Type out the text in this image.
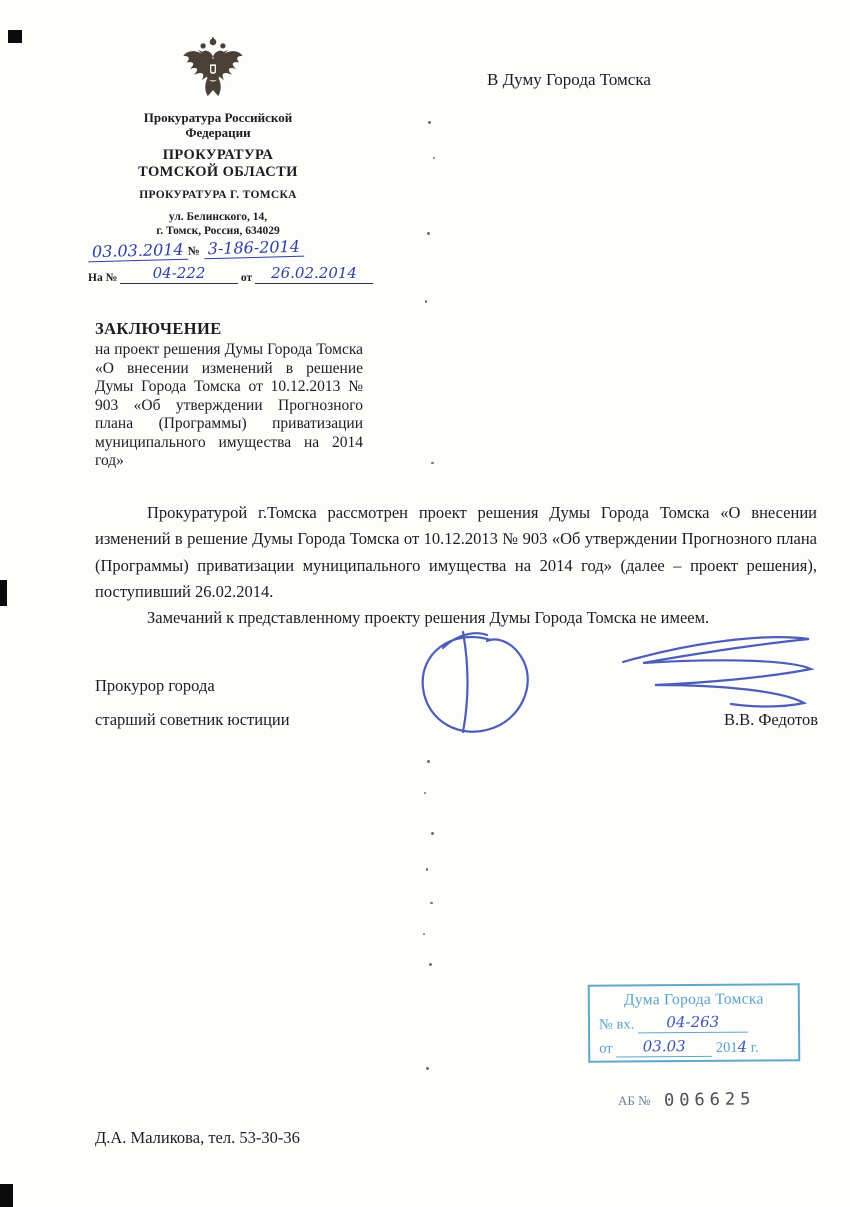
Прокуратура Российской
Федерации
ПРОКУРАТУРА
ТОМСКОЙ ОБЛАСТИ
ПРОКУРАТУРА Г. ТОМСКА
ул. Белинского, 14,
г. Томск, Россия, 634029
03.03.2014 № 3-186-2014
На № 04-222	от 26.02.2014
В Думу Города Томска
ЗАКЛЮЧЕНИЕ
на проект решения Думы Города Томска «О внесении изменений в решение Думы Города Томска от 10.12.2013 № 903 «Об утверждении Прогнозного плана (Программы) приватизации муниципального имущества на 2014 год»

Прокуратурой г.Томска рассмотрен проект решения Думы Города Томска «О внесении изменений в решение Думы Города Томска от 10.12.2013 № 903 «Об утверждении Прогнозного плана (Программы) приватизации муниципального имущества на 2014 год» (далее – проект решения), поступивший 26.02.2014.

Замечаний к представленному проекту решения Думы Города Томска не имеем.

Прокурор города
старший советник юстиции	В.В. Федотов
Дума Города Томска
№ вх. 04-263
от 03.03 2014 г.
АБ № 006625
Д.А. Маликова, тел. 53-30-36
